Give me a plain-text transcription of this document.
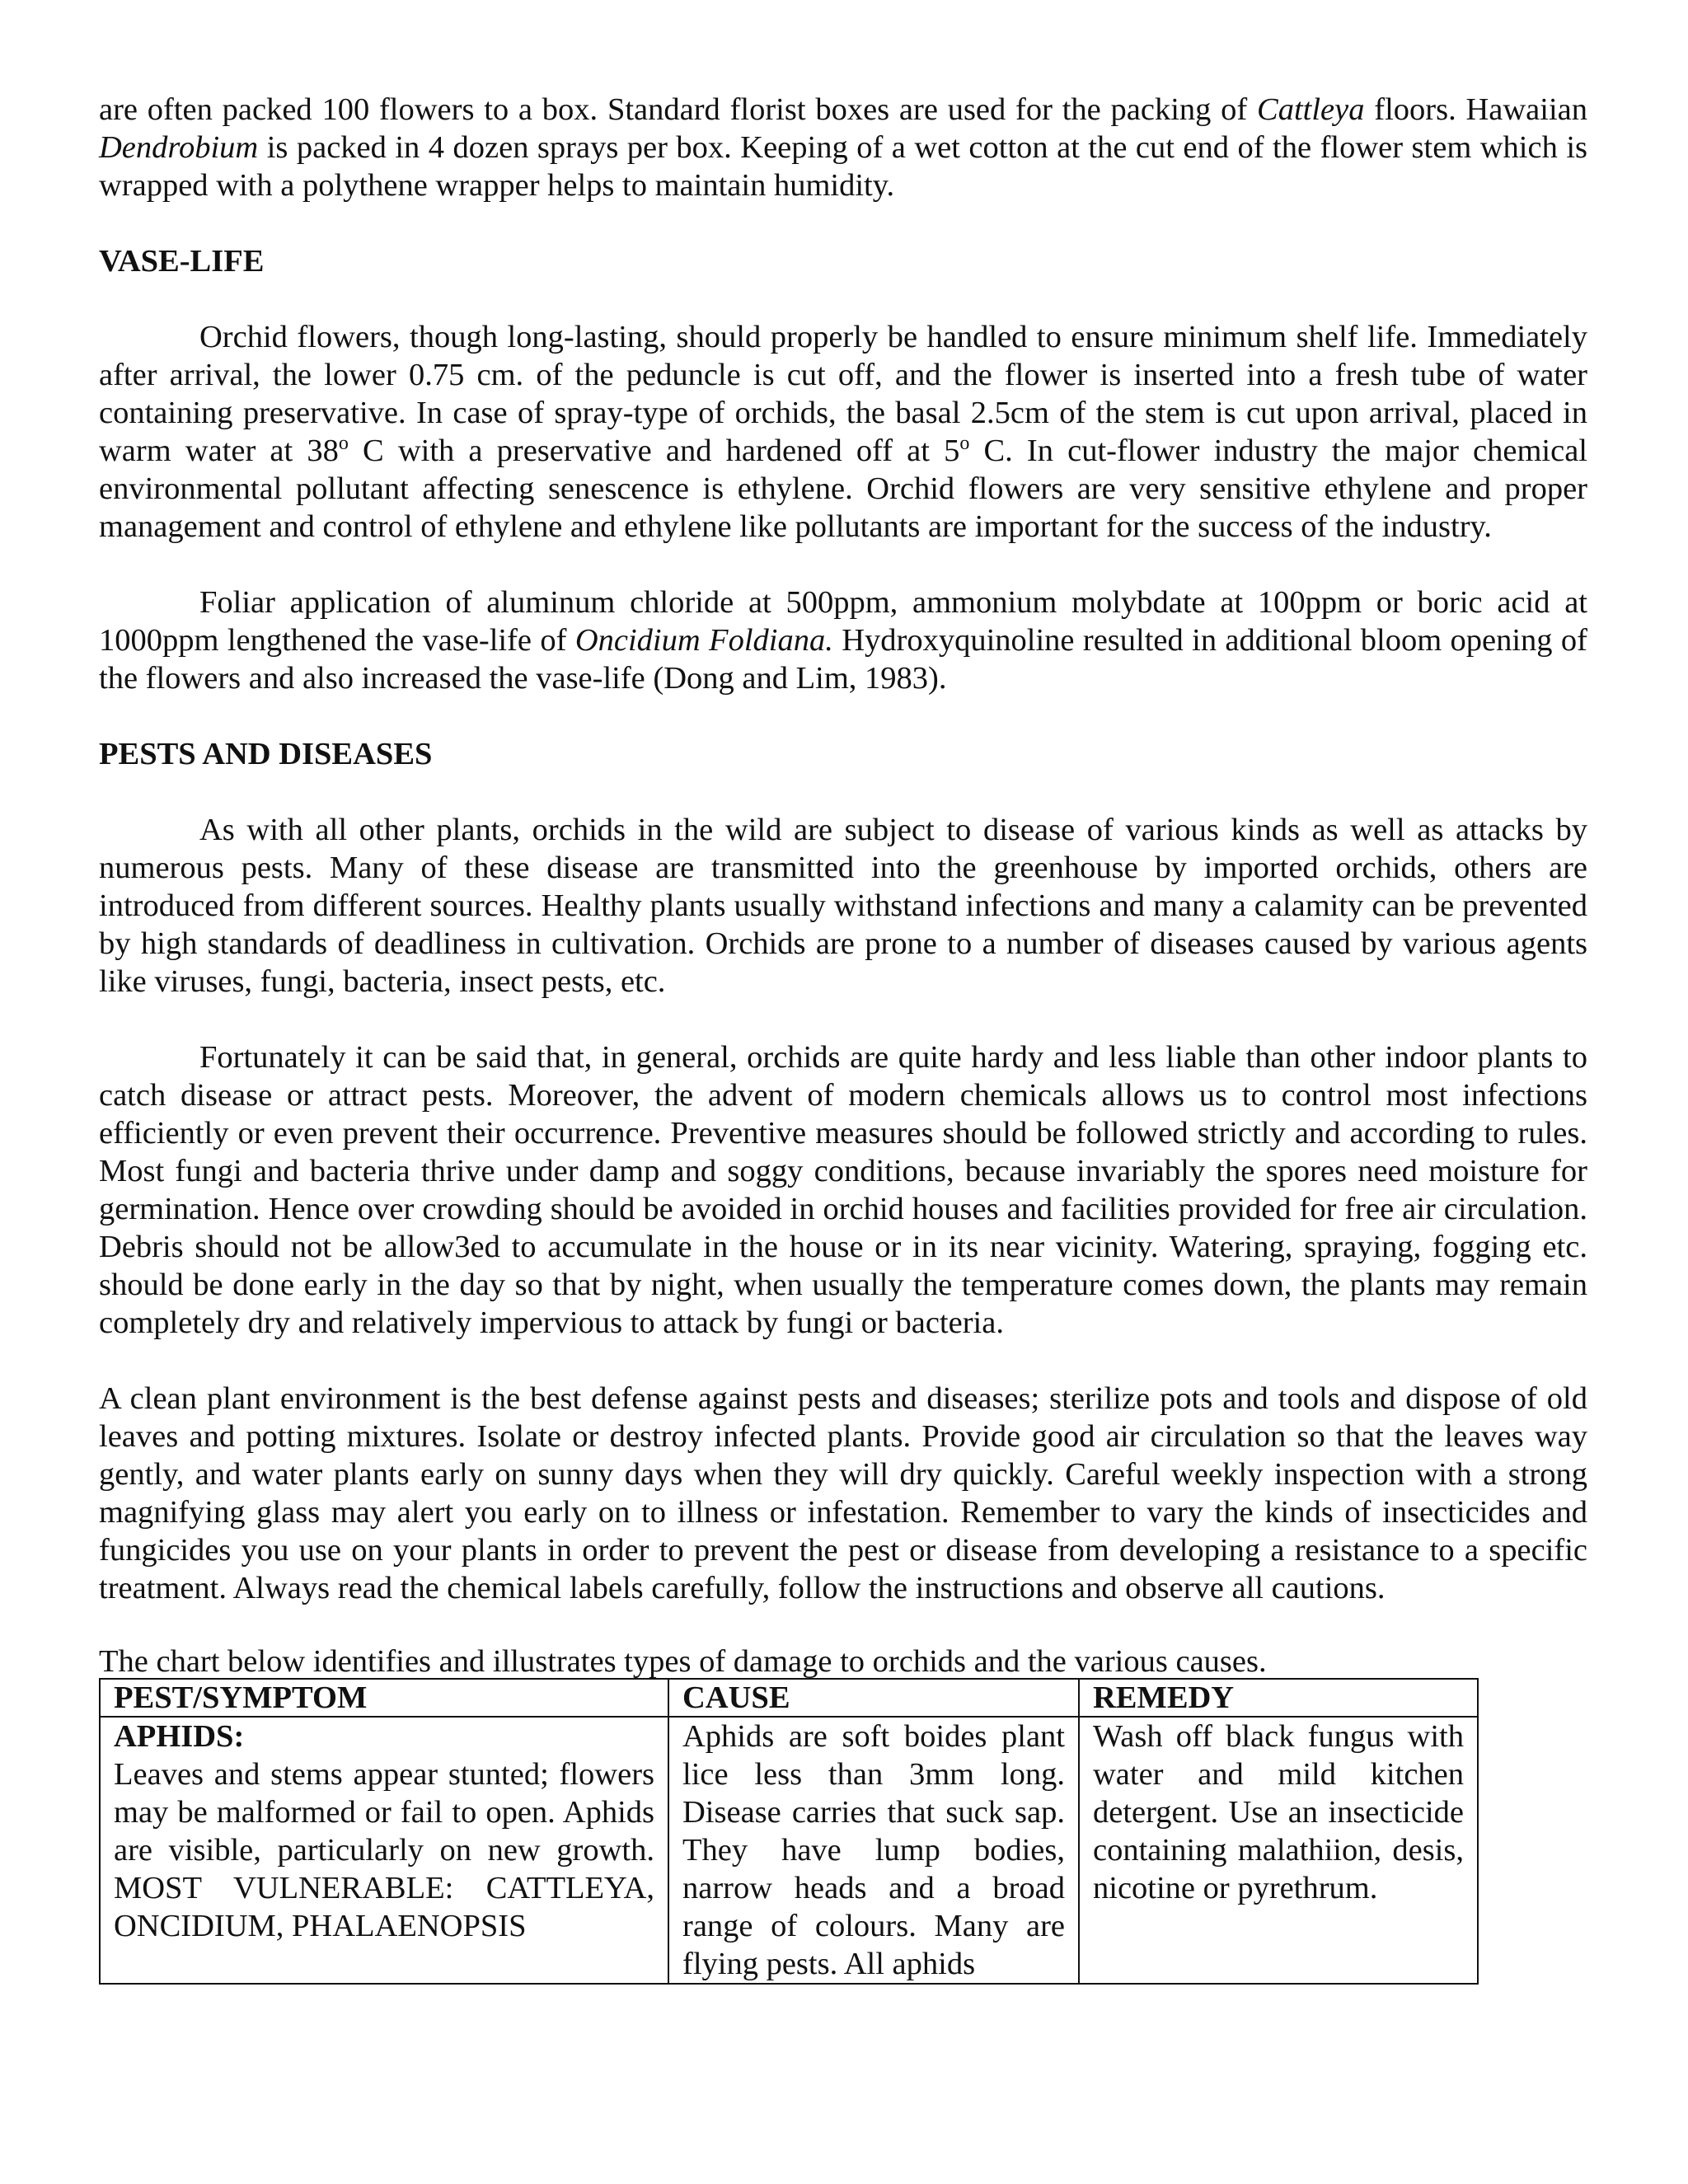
are often packed 100 flowers to a box. Standard florist boxes are used for the packing of Cattleya floors. Hawaiian Dendrobium is packed in 4 dozen sprays per box. Keeping of a wet cotton at the cut end of the flower stem which is wrapped with a polythene wrapper helps to maintain humidity.

VASE-LIFE

Orchid flowers, though long-lasting, should properly be handled to ensure minimum shelf life. Immediately after arrival, the lower 0.75 cm. of the peduncle is cut off, and the flower is inserted into a fresh tube of water containing preservative. In case of spray-type of orchids, the basal 2.5cm of the stem is cut upon arrival, placed in warm water at 38$^o$ C with a preservative and hardened off at 5$^o$ C. In cut-flower industry the major chemical environmental pollutant affecting senescence is ethylene. Orchid flowers are very sensitive ethylene and proper management and control of ethylene and ethylene like pollutants are important for the success of the industry.

Foliar application of aluminum chloride at 500ppm, ammonium molybdate at 100ppm or boric acid at 1000ppm lengthened the vase-life of Oncidium Foldiana. Hydroxyquinoline resulted in additional bloom opening of the flowers and also increased the vase-life (Dong and Lim, 1983).

PESTS AND DISEASES

As with all other plants, orchids in the wild are subject to disease of various kinds as well as attacks by numerous pests. Many of these disease are transmitted into the greenhouse by imported orchids, others are introduced from different sources. Healthy plants usually withstand infections and many a calamity can be prevented by high standards of deadliness in cultivation. Orchids are prone to a number of diseases caused by various agents like viruses, fungi, bacteria, insect pests, etc.

Fortunately it can be said that, in general, orchids are quite hardy and less liable than other indoor plants to catch disease or attract pests. Moreover, the advent of modern chemicals allows us to control most infections efficiently or even prevent their occurrence. Preventive measures should be followed strictly and according to rules. Most fungi and bacteria thrive under damp and soggy conditions, because invariably the spores need moisture for germination. Hence over crowding should be avoided in orchid houses and facilities provided for free air circulation. Debris should not be allow3ed to accumulate in the house or in its near vicinity. Watering, spraying, fogging etc. should be done early in the day so that by night, when usually the temperature comes down, the plants may remain completely dry and relatively impervious to attack by fungi or bacteria.

A clean plant environment is the best defense against pests and diseases; sterilize pots and tools and dispose of old leaves and potting mixtures. Isolate or destroy infected plants. Provide good air circulation so that the leaves way gently, and water plants early on sunny days when they will dry quickly. Careful weekly inspection with a strong magnifying glass may alert you early on to illness or infestation. Remember to vary the kinds of insecticides and fungicides you use on your plants in order to prevent the pest or disease from developing a resistance to a specific treatment. Always read the chemical labels carefully, follow the instructions and observe all cautions.

The chart below identifies and illustrates types of damage to orchids and the various causes.

PEST/SYMPTOM	CAUSE	REMEDY

APHIDS:
Leaves and stems appear stunted; flowers may be malformed or fail to open. Aphids are visible, particularly on new growth. MOST VULNERABLE: CATTLEYA, ONCIDIUM, PHALAENOPSIS	Aphids are soft boides plant lice less than 3mm long. Disease carries that suck sap. They have lump bodies, narrow heads and a broad range of colours. Many are flying pests. All aphids	Wash off black fungus with water and mild kitchen detergent. Use an insecticide containing malathiion, desis, nicotine or pyrethrum.
